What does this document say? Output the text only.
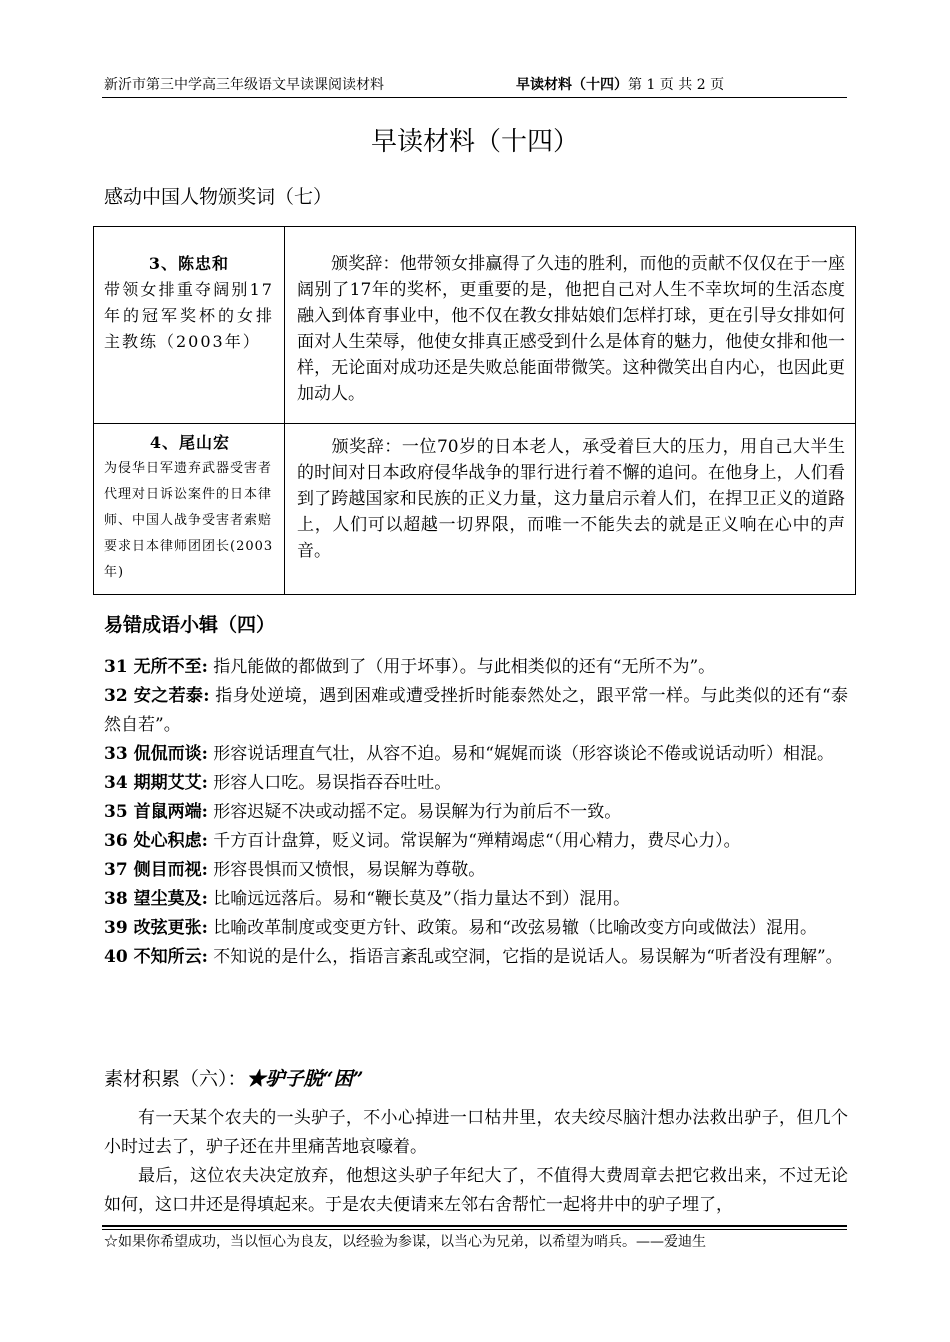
新沂市第三中学高三年级语文早读课阅读材料	早读材料（十四）第 1 页 共 2 页
早读材料（十四）
感动中国人物颁奖词（七）
3、陈忠和
带领女排重夺阔别17年的冠军奖杯的女排主教练（2003年）	颁奖辞：他带领女排赢得了久违的胜利，而他的贡献不仅仅在于一座阔别了17年的奖杯，更重要的是，他把自己对人生不幸坎坷的生活态度融入到体育事业中，他不仅在教女排姑娘们怎样打球，更在引导女排如何面对人生荣辱，他使女排真正感受到什么是体育的魅力，他使女排和他一样，无论面对成功还是失败总能面带微笑。这种微笑出自内心，也因此更加动人。

4、尾山宏
为侵华日军遗弃武器受害者代理对日诉讼案件的日本律师、中国人战争受害者索赔要求日本律师团团长(2003年)	颁奖辞：一位70岁的日本老人，承受着巨大的压力，用自己大半生的时间对日本政府侵华战争的罪行进行着不懈的追问。在他身上，人们看到了跨越国家和民族的正义力量，这力量启示着人们，在捍卫正义的道路上，人们可以超越一切界限，而唯一不能失去的就是正义响在心中的声音。
易错成语小辑（四）

31 无所不至: 指凡能做的都做到了（用于坏事）。与此相类似的还有“无所不为”。

32 安之若泰: 指身处逆境，遇到困难或遭受挫折时能泰然处之，跟平常一样。与此类似的还有“泰然自若”。

33 侃侃而谈: 形容说话理直气壮，从容不迫。易和“娓娓而谈（形容谈论不倦或说话动听）相混。

34 期期艾艾: 形容人口吃。易误指吞吞吐吐。

35 首鼠两端: 形容迟疑不决或动摇不定。易误解为行为前后不一致。

36 处心积虑: 千方百计盘算，贬义词。常误解为“殚精竭虑“（用心精力，费尽心力）。

37 侧目而视: 形容畏惧而又愤恨，易误解为尊敬。

38 望尘莫及: 比喻远远落后。易和“鞭长莫及”（指力量达不到）混用。

39 改弦更张: 比喻改革制度或变更方针、政策。易和“改弦易辙（比喻改变方向或做法）混用。

40 不知所云: 不知说的是什么，指语言紊乱或空洞，它指的是说话人。易误解为“听者没有理解”。

素材积累（六）：★驴子脱“困”

有一天某个农夫的一头驴子，不小心掉进一口枯井里，农夫绞尽脑汁想办法救出驴子，但几个小时过去了，驴子还在井里痛苦地哀嚎着。

最后，这位农夫决定放弃，他想这头驴子年纪大了，不值得大费周章去把它救出来，不过无论如何，这口井还是得填起来。于是农夫便请来左邻右舍帮忙一起将井中的驴子埋了，

☆如果你希望成功，当以恒心为良友，以经验为参谋，以当心为兄弟，以希望为哨兵。——爱迪生
